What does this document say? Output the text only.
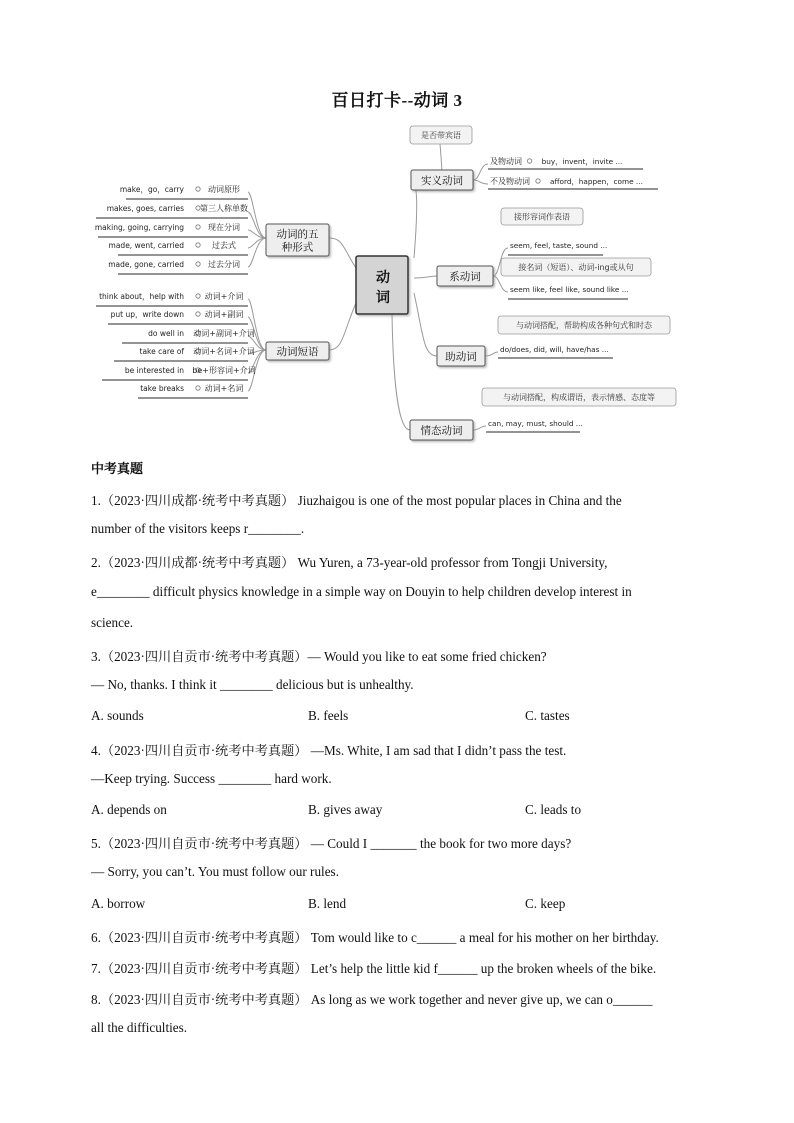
百日打卡--动词 3
动
词
动词的五
种形式
make，go，carry	动词原形
makes, goes, carries 第三人称单数
making, going, carrying	现在分词
made, went, carried	过去式
made, gone, carried	过去分词
动词短语
think about，help with	动词+介词
put up，write down	动词+副词
do well in 动词+副词+介词
take care of 动词+名词+介词
be interested in be+形容词+介词
take breaks	动词+名词
实义动词
是否带宾语
及物动词	buy，invent，invite ...
不及物动词	afford，happen，come ...
系动词
接形容词作表语
接名词（短语）、动词-ing或从句
seem, feel, taste, sound ...
seem like, feel like, sound like ...
助动词
与动词搭配，帮助构成各种句式和时态
do/does, did, will, have/has ...
情态动词
与动词搭配，构成谓语，表示情感、态度等
can, may, must, should ...
中考真题
1.（2023·四川成都·统考中考真题） Jiuzhaigou is one of the most popular places in China and the
number of the visitors keeps r________.
2.（2023·四川成都·统考中考真题） Wu Yuren, a 73-year-old professor from Tongji University,
e________ difficult physics knowledge in a simple way on Douyin to help children develop interest in
science.
3.（2023·四川自贡市·统考中考真题）— Would you like to eat some fried chicken?
— No, thanks. I think it ________ delicious but is unhealthy.
A. sounds	B. feels	C. tastes
4.（2023·四川自贡市·统考中考真题） —Ms. White, I am sad that I didn’t pass the test.
—Keep trying. Success ________ hard work.
A. depends on	B. gives away	C. leads to
5.（2023·四川自贡市·统考中考真题） — Could I _______ the book for two more days?
— Sorry, you can’t. You must follow our rules.
A. borrow	B. lend	C. keep
6.（2023·四川自贡市·统考中考真题） Tom would like to c______ a meal for his mother on her birthday.
7.（2023·四川自贡市·统考中考真题） Let’s help the little kid f______ up the broken wheels of the bike.
8.（2023·四川自贡市·统考中考真题） As long as we work together and never give up, we can o______
all the difficulties.
